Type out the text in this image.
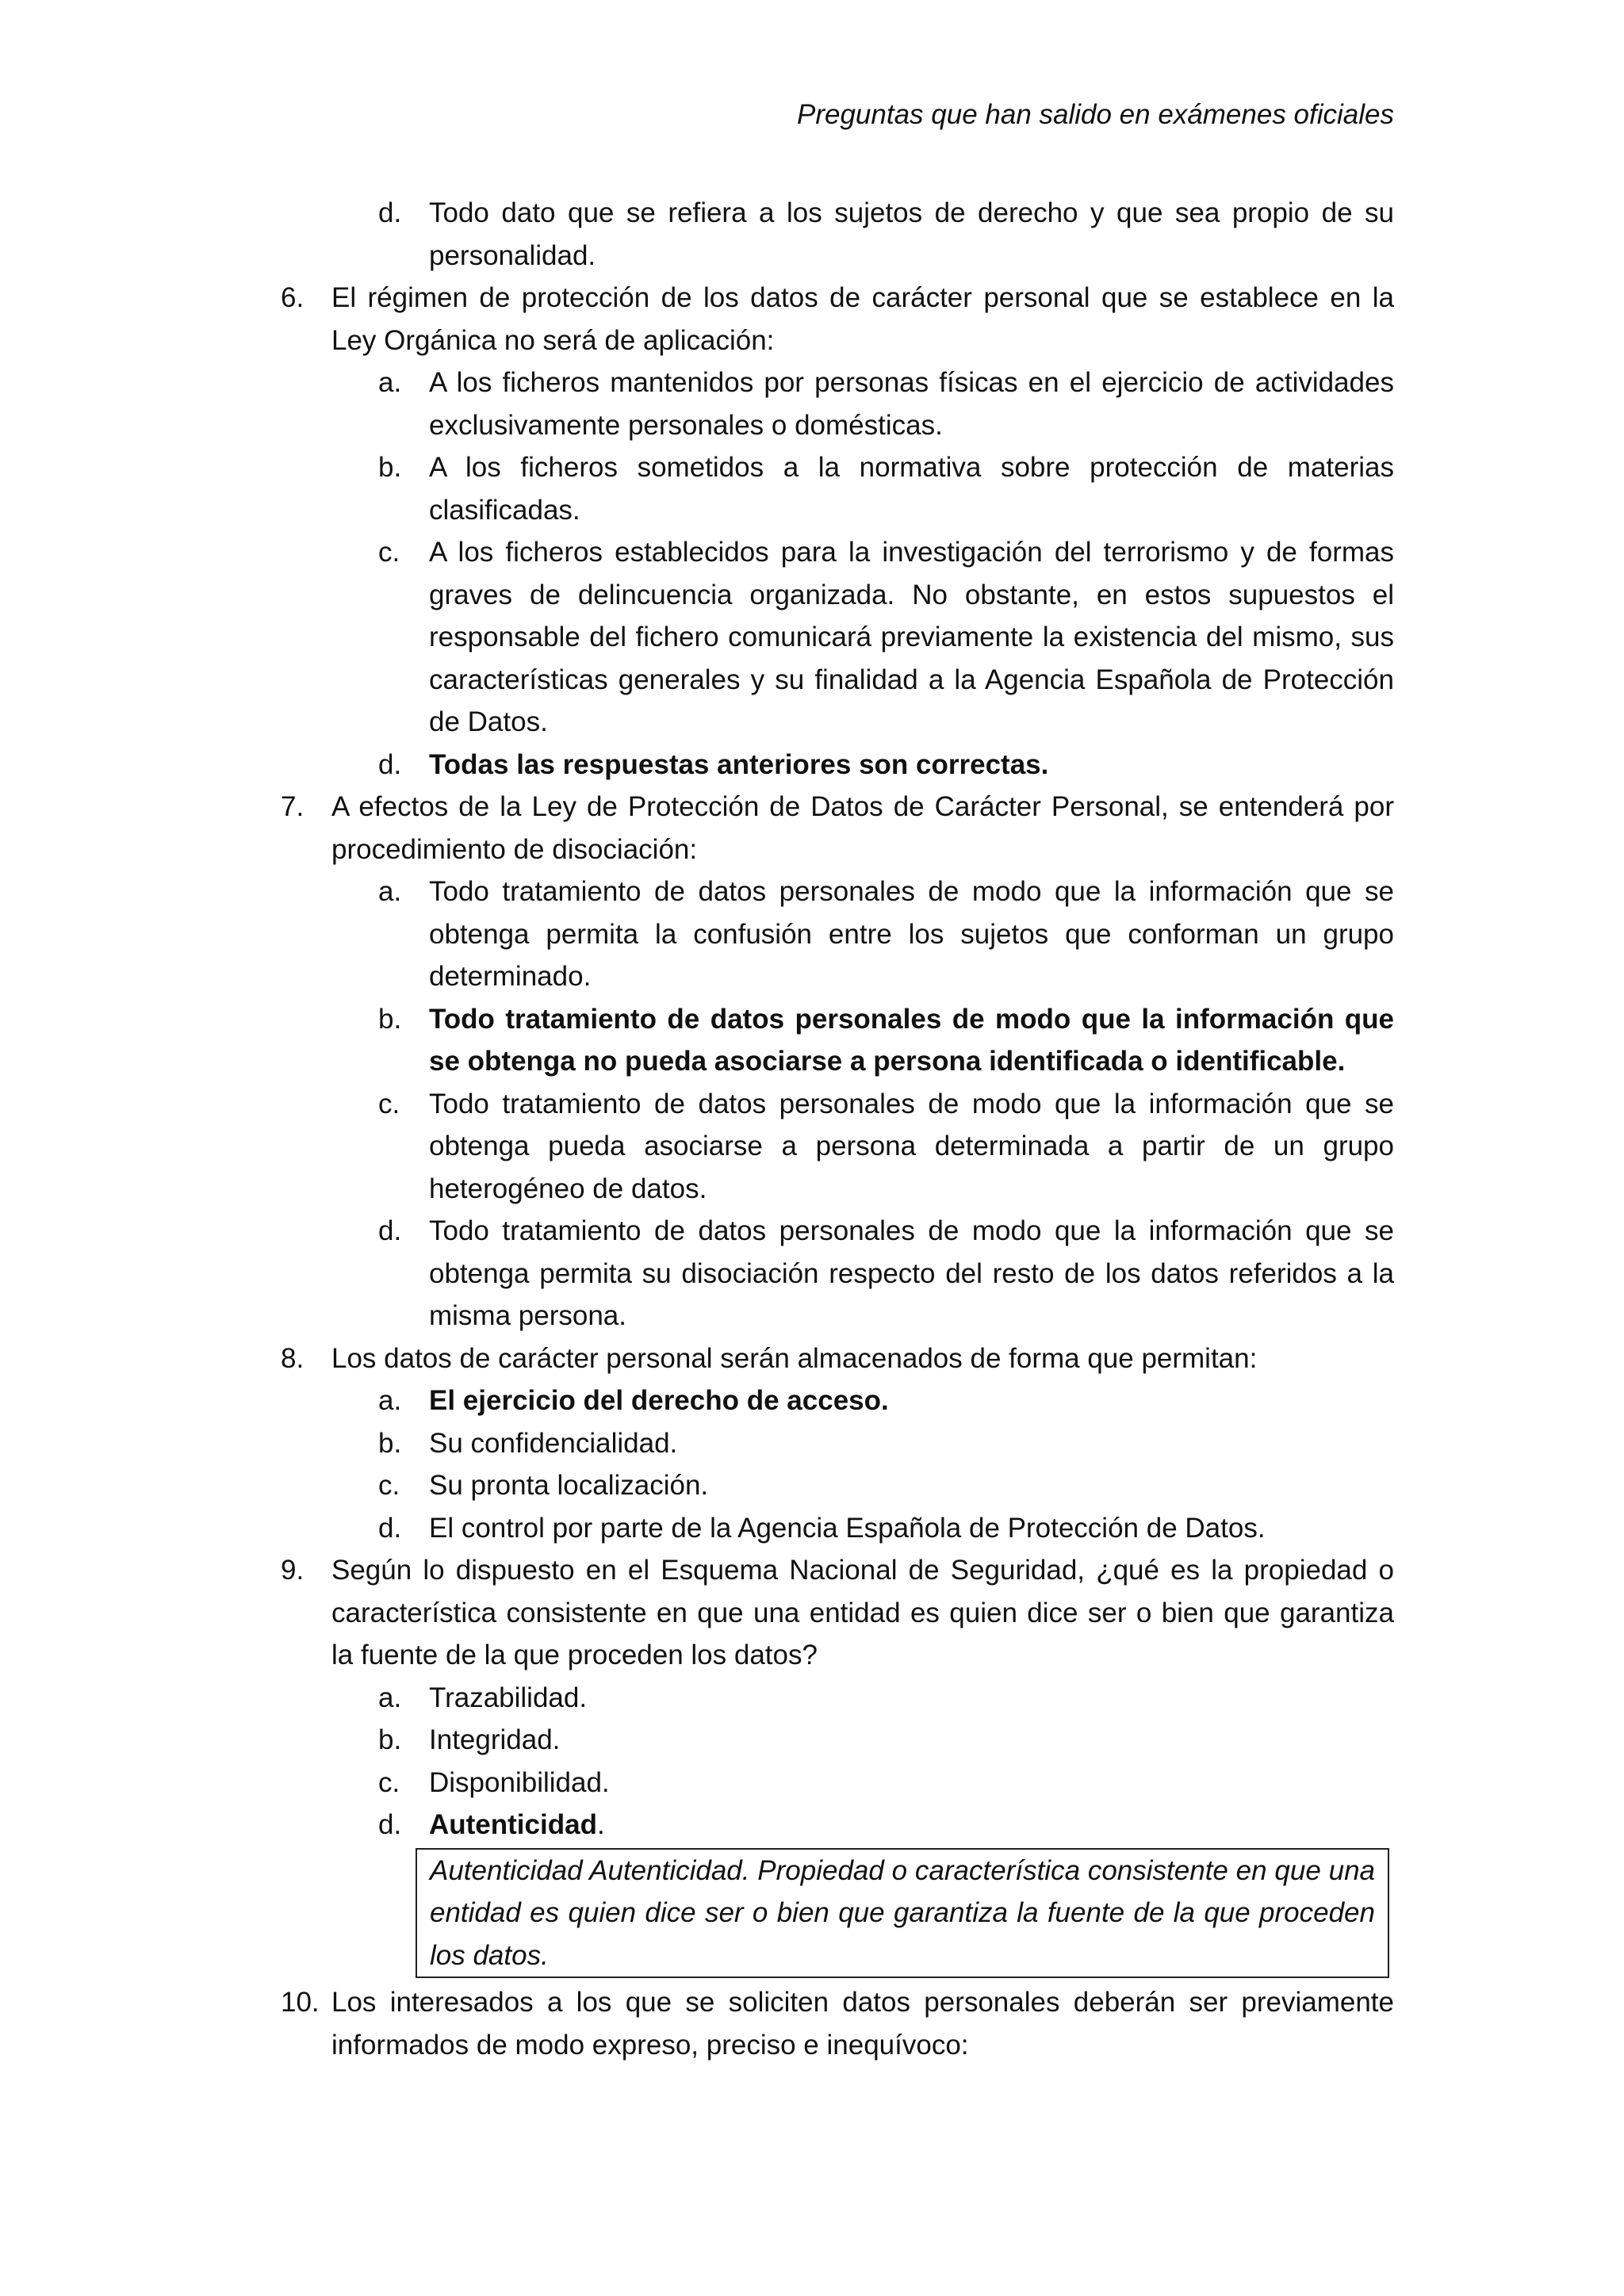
Preguntas que han salido en exámenes oficiales
d. Todo dato que se refiera a los sujetos de derecho y que sea propio de su personalidad.
6. El régimen de protección de los datos de carácter personal que se establece en la Ley Orgánica no será de aplicación:
a. A los ficheros mantenidos por personas físicas en el ejercicio de actividades exclusivamente personales o domésticas.
b. A los ficheros sometidos a la normativa sobre protección de materias clasificadas.
c. A los ficheros establecidos para la investigación del terrorismo y de formas graves de delincuencia organizada. No obstante, en estos supuestos el responsable del fichero comunicará previamente la existencia del mismo, sus características generales y su finalidad a la Agencia Española de Protección de Datos.
d. Todas las respuestas anteriores son correctas.
7. A efectos de la Ley de Protección de Datos de Carácter Personal, se entenderá por procedimiento de disociación:
a. Todo tratamiento de datos personales de modo que la información que se obtenga permita la confusión entre los sujetos que conforman un grupo determinado.
b. Todo tratamiento de datos personales de modo que la información que se obtenga no pueda asociarse a persona identificada o identificable.
c. Todo tratamiento de datos personales de modo que la información que se obtenga pueda asociarse a persona determinada a partir de un grupo heterogéneo de datos.
d. Todo tratamiento de datos personales de modo que la información que se obtenga permita su disociación respecto del resto de los datos referidos a la misma persona.
8. Los datos de carácter personal serán almacenados de forma que permitan:
a. El ejercicio del derecho de acceso.
b. Su confidencialidad.
c. Su pronta localización.
d. El control por parte de la Agencia Española de Protección de Datos.
9. Según lo dispuesto en el Esquema Nacional de Seguridad, ¿qué es la propiedad o característica consistente en que una entidad es quien dice ser o bien que garantiza la fuente de la que proceden los datos?
a. Trazabilidad.
b. Integridad.
c. Disponibilidad.
d. Autenticidad.
Autenticidad Autenticidad. Propiedad o característica consistente en que una entidad es quien dice ser o bien que garantiza la fuente de la que proceden los datos.
10. Los interesados a los que se soliciten datos personales deberán ser previamente informados de modo expreso, preciso e inequívoco:
